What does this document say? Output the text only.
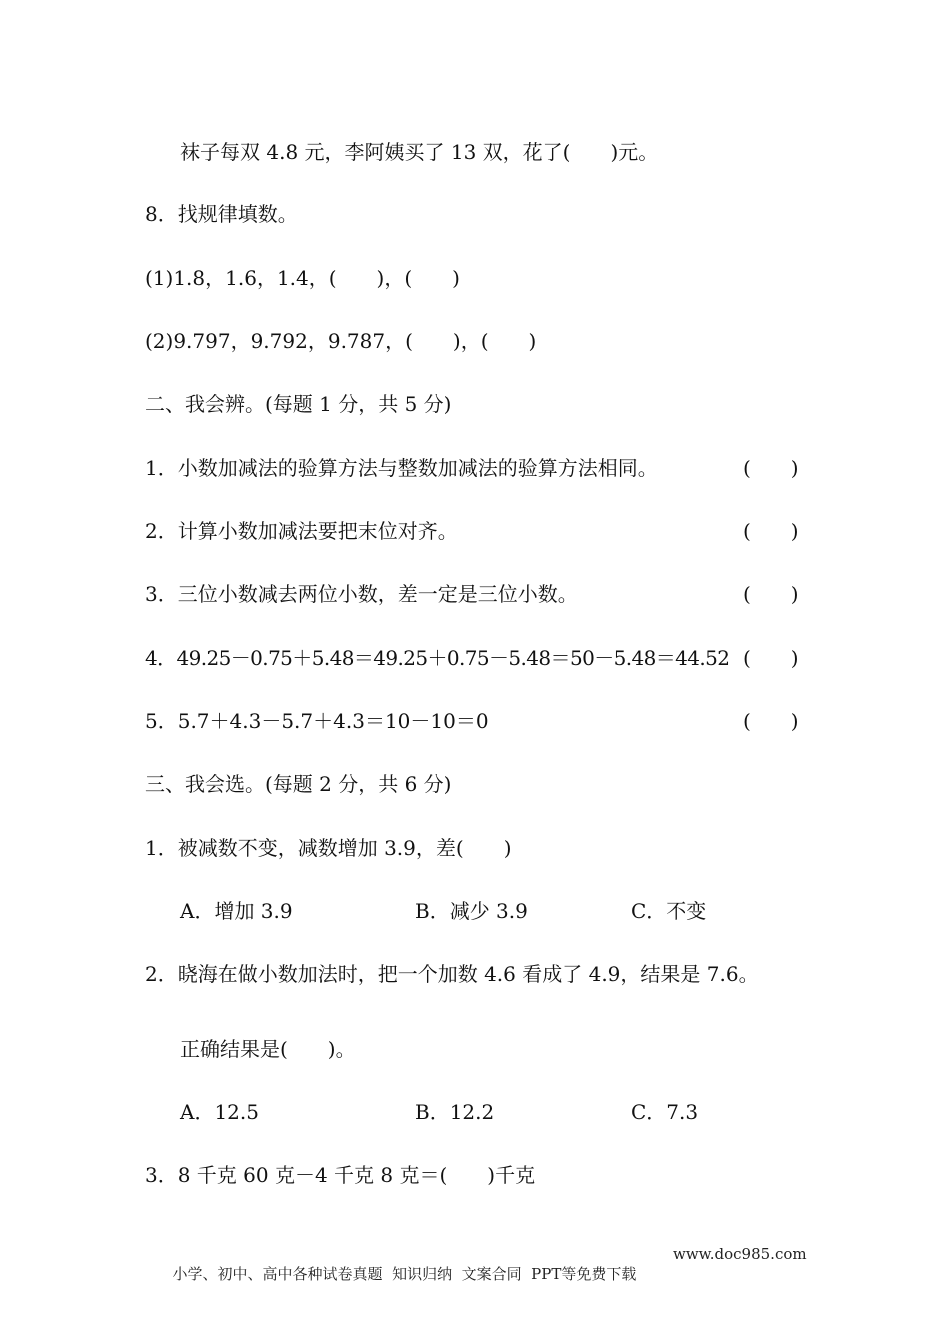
袜子每双 4.8 元，李阿姨买了 13 双，花了(　　)元。
8．找规律填数。
(1)1.8，1.6，1.4，(　　)，(　　)
(2)9.797，9.792，9.787，(　　)，(　　)
二、我会辨。(每题 1 分，共 5 分)
1．小数加减法的验算方法与整数加减法的验算方法相同。	(　　)
2．计算小数加减法要把末位对齐。	(　　)
3．三位小数减去两位小数，差一定是三位小数。	(　　)
4．49.25－0.75＋5.48＝49.25＋0.75－5.48＝50－5.48＝44.52 (　　)
5．5.7＋4.3－5.7＋4.3＝10－10＝0	(　　)
三、我会选。(每题 2 分，共 6 分)
1．被减数不变，减数增加 3.9，差(　　)
A．增加 3.9	B．减少 3.9	C．不变
2．晓海在做小数加法时，把一个加数 4.6 看成了 4.9，结果是 7.6。
正确结果是(　　)。
A．12.5	B．12.2	C．7.3
3．8 千克 60 克－4 千克 8 克＝(　　)千克

小学、初中、高中各种试卷真题  知识归纳  文案合同  PPT等免费下载

www.doc985.com
